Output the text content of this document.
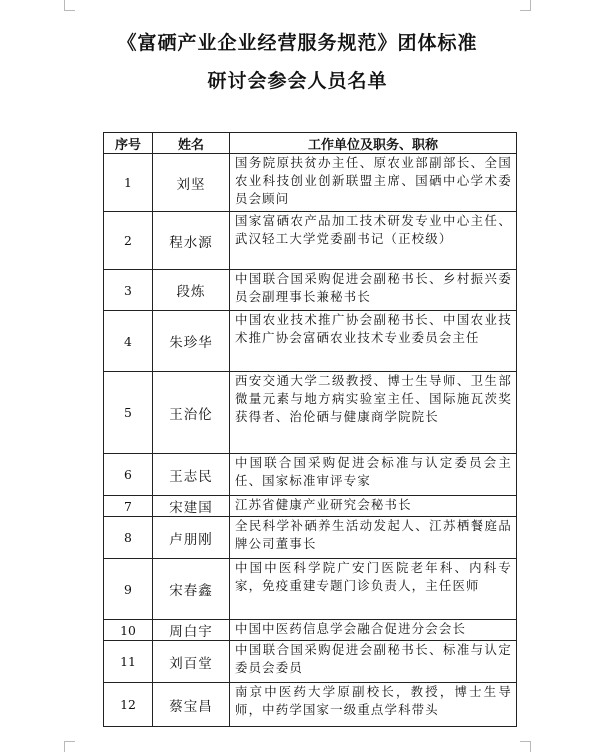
《富硒产业企业经营服务规范》团体标准
研讨会参会人员名单
序号	姓名	工作单位及职务、职称
1	刘坚	国务院原扶贫办主任、原农业部副部长、全国农业科技创业创新联盟主席、国硒中心学术委员会顾问
2	程水源	国家富硒农产品加工技术研发专业中心主任、武汉轻工大学党委副书记（正校级）
3	段炼	中国联合国采购促进会副秘书长、乡村振兴委员会副理事长兼秘书长
4	朱珍华	中国农业技术推广协会副秘书长、中国农业技术推广协会富硒农业技术专业委员会主任
5	王治伦	西安交通大学二级教授、博士生导师、卫生部微量元素与地方病实验室主任、国际施瓦茨奖获得者、治伦硒与健康商学院院长
6	王志民	中国联合国采购促进会标准与认定委员会主任、国家标准审评专家
7	宋建国	江苏省健康产业研究会秘书长
8	卢朋刚	全民科学补硒养生活动发起人、江苏栖餐庭品牌公司董事长
9	宋春鑫	中国中医科学院广安门医院老年科、内科专家，免疫重建专题门诊负责人，主任医师
10	周白宇	中国中医药信息学会融合促进分会会长
11	刘百堂	中国联合国采购促进会副秘书长、标准与认定委员会委员
12	蔡宝昌	南京中医药大学原副校长，教授，博士生导师，中药学国家一级重点学科带头
